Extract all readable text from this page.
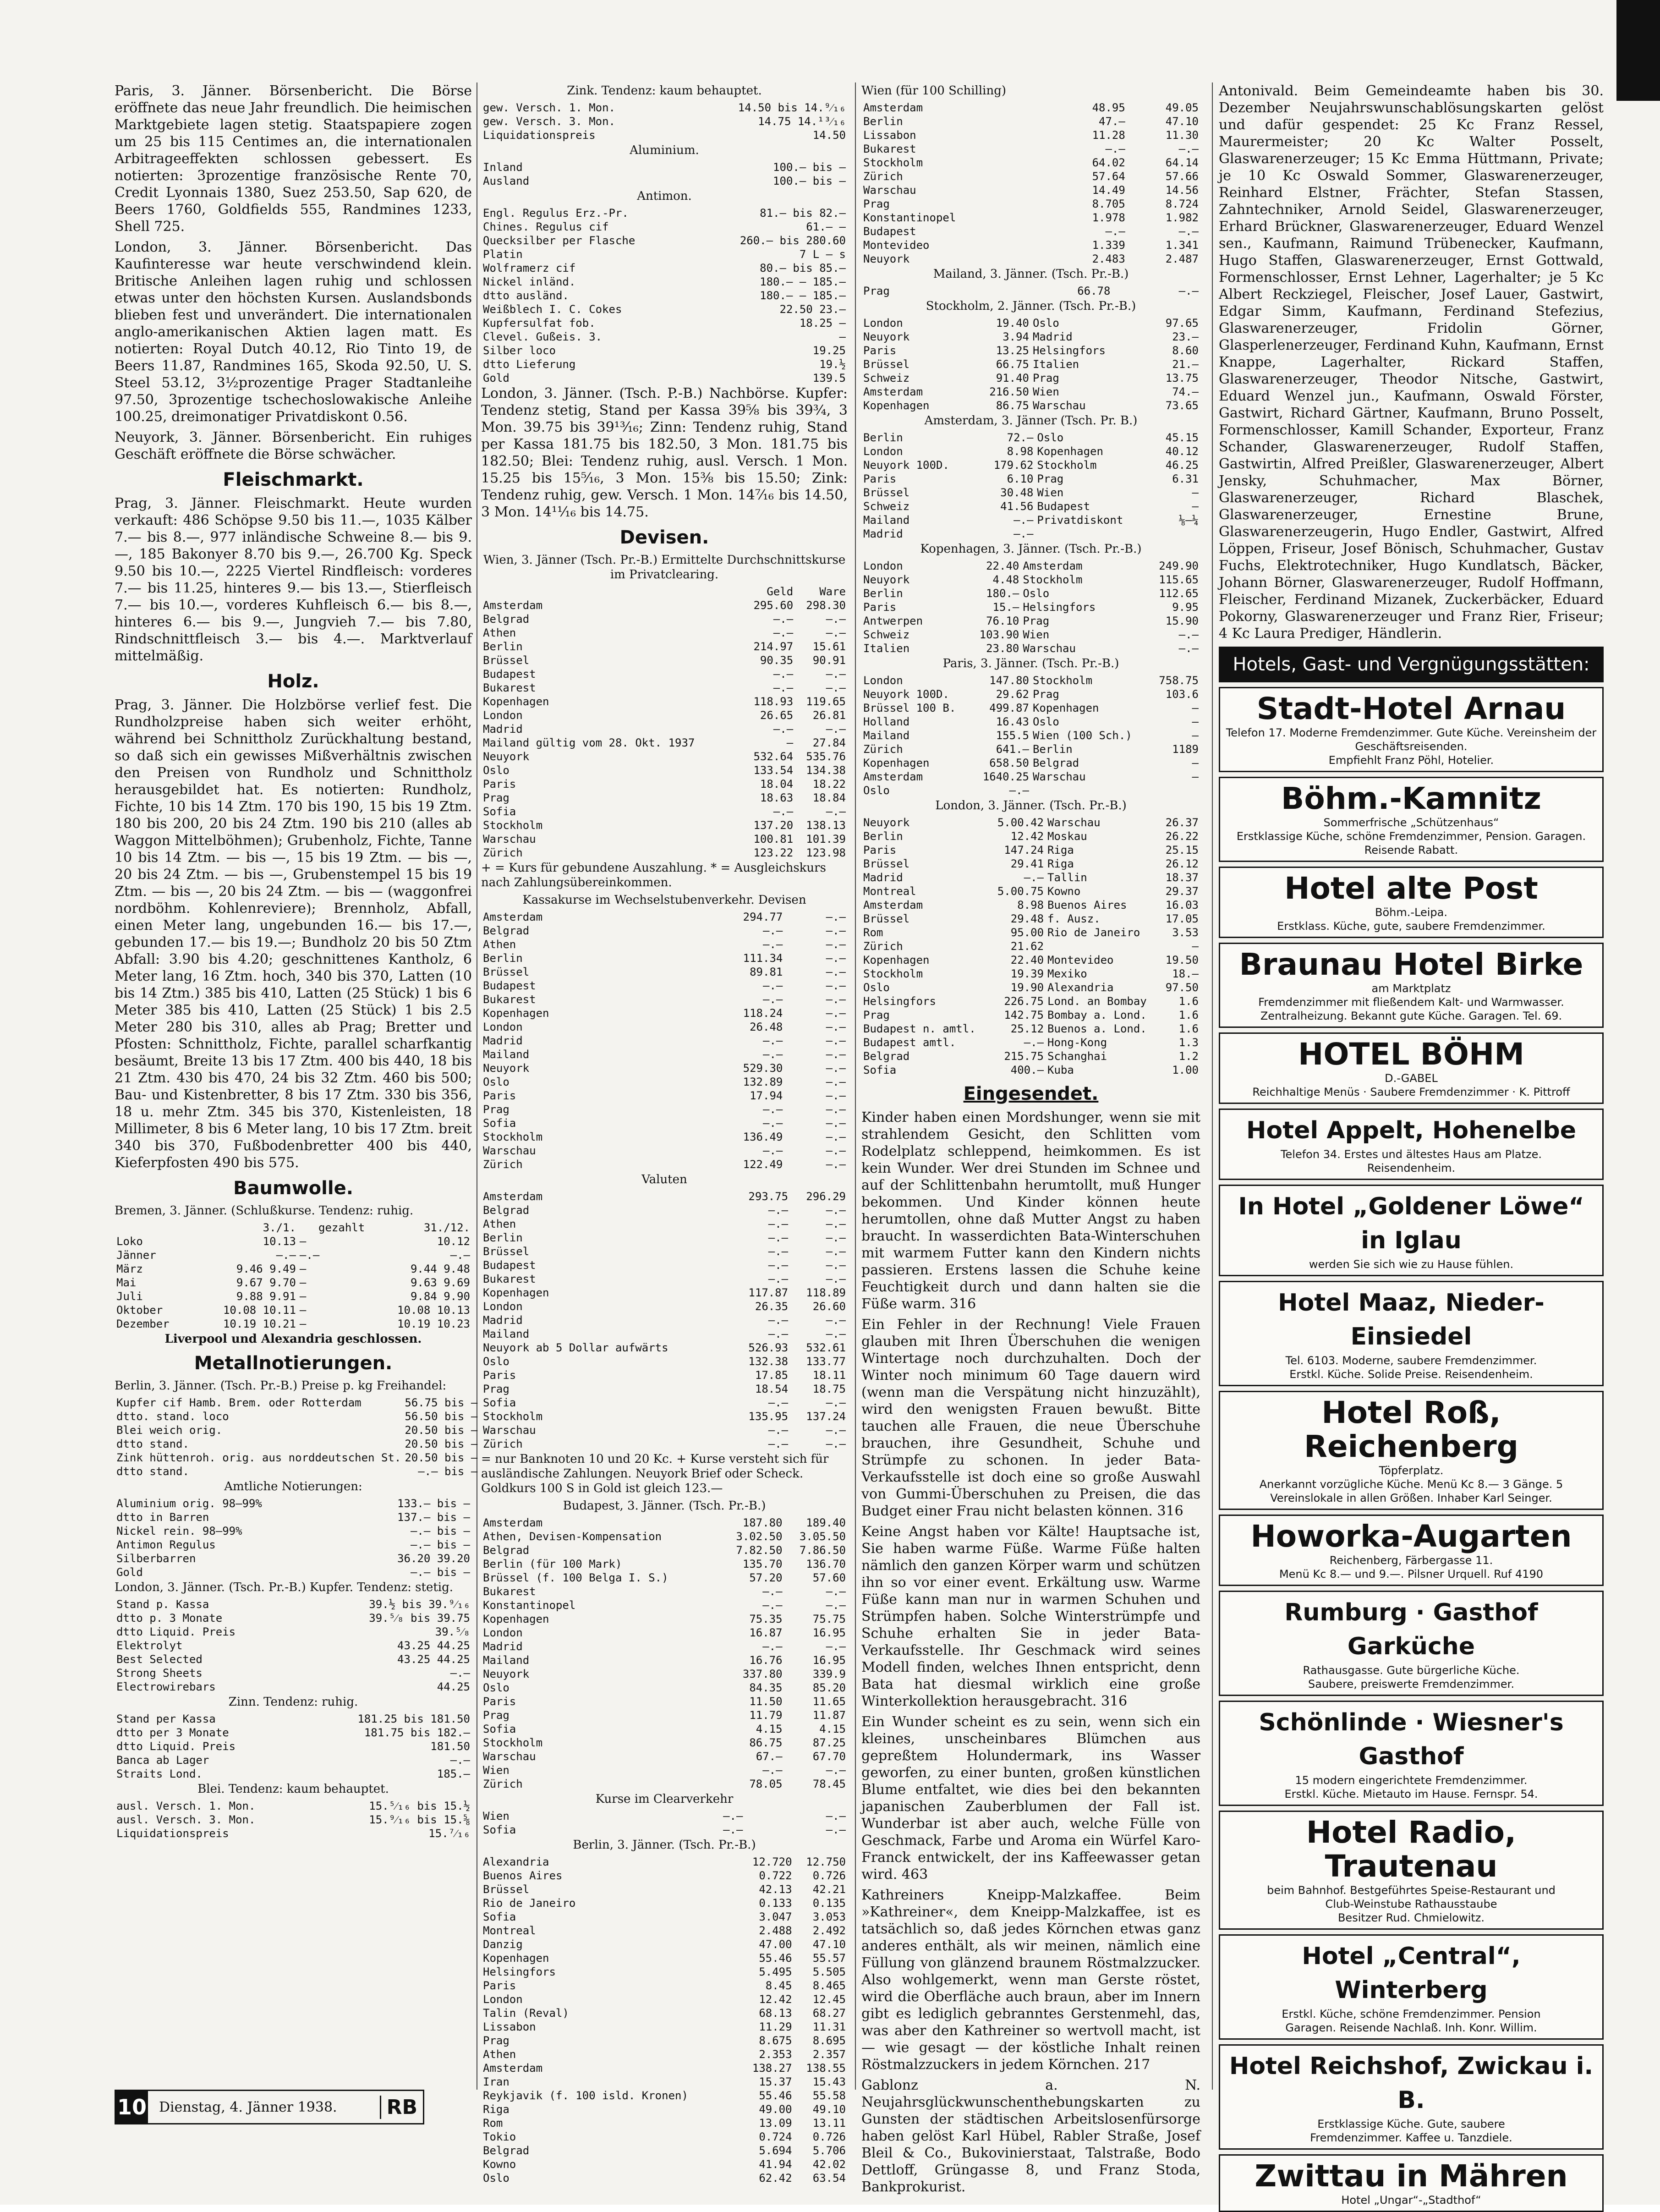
Paris, 3. Jänner. Börsenbericht. Die Börse eröffnete das neue Jahr freundlich. Die heimischen Marktgebiete lagen stetig. Staatspapiere zogen um 25 bis 115 Centimes an, die internationalen Arbitrageeffekten schlossen gebessert. Es notierten: 3prozentige französische Rente 70, Credit Lyonnais 1380, Suez 253.50, Sap 620, de Beers 1760, Goldfields 555, Randmines 1233, Shell 725.

London, 3. Jänner. Börsenbericht. Das Kaufinteresse war heute verschwindend klein. Britische Anleihen lagen ruhig und schlossen etwas unter den höchsten Kursen. Auslandsbonds blieben fest und unverändert. Die internationalen anglo-amerikanischen Aktien lagen matt. Es notierten: Royal Dutch 40.12, Rio Tinto 19, de Beers 11.87, Randmines 165, Skoda 92.50, U. S. Steel 53.12, 3½prozentige Prager Stadtanleihe 97.50, 3prozentige tschechoslowakische Anleihe 100.25, dreimonatiger Privatdiskont 0.56.

Neuyork, 3. Jänner. Börsenbericht. Ein ruhiges Geschäft eröffnete die Börse schwächer.

Fleischmarkt.

Prag, 3. Jänner. Fleischmarkt. Heute wurden verkauft: 486 Schöpse 9.50 bis 11.—, 1035 Kälber 7.— bis 8.—, 977 inländische Schweine 8.— bis 9.—, 185 Bakonyer 8.70 bis 9.—, 26.700 Kg. Speck 9.50 bis 10.—, 2225 Viertel Rindfleisch: vorderes 7.— bis 11.25, hinteres 9.— bis 13.—, Stierfleisch 7.— bis 10.—, vorderes Kuhfleisch 6.— bis 8.—, hinteres 6.— bis 9.—, Jungvieh 7.— bis 7.80, Rindschnittfleisch 3.— bis 4.—. Marktverlauf mittelmäßig.

Holz.

Prag, 3. Jänner. Die Holzbörse verlief fest. Die Rundholzpreise haben sich weiter erhöht, während bei Schnittholz Zurückhaltung bestand, so daß sich ein gewisses Mißverhältnis zwischen den Preisen von Rundholz und Schnittholz herausgebildet hat. Es notierten: Rundholz, Fichte, 10 bis 14 Ztm. 170 bis 190, 15 bis 19 Ztm. 180 bis 200, 20 bis 24 Ztm. 190 bis 210 (alles ab Waggon Mittelböhmen); Grubenholz, Fichte, Tanne 10 bis 14 Ztm. — bis —, 15 bis 19 Ztm. — bis —, 20 bis 24 Ztm. — bis —, Grubenstempel 15 bis 19 Ztm. — bis —, 20 bis 24 Ztm. — bis — (waggonfrei nordböhm. Kohlenreviere); Brennholz, Abfall, einen Meter lang, ungebunden 16.— bis 17.—, gebunden 17.— bis 19.—; Bundholz 20 bis 50 Ztm Abfall: 3.90 bis 4.20; geschnittenes Kantholz, 6 Meter lang, 16 Ztm. hoch, 340 bis 370, Latten (10 bis 14 Ztm.) 385 bis 410, Latten (25 Stück) 1 bis 6 Meter 385 bis 410, Latten (25 Stück) 1 bis 2.5 Meter 280 bis 310, alles ab Prag; Bretter und Pfosten: Schnittholz, Fichte, parallel scharfkantig besäumt, Breite 13 bis 17 Ztm. 400 bis 440, 18 bis 21 Ztm. 430 bis 470, 24 bis 32 Ztm. 460 bis 500; Bau- und Kistenbretter, 8 bis 17 Ztm. 330 bis 356, 18 u. mehr Ztm. 345 bis 370, Kistenleisten, 18 Millimeter, 8 bis 6 Meter lang, 10 bis 17 Ztm. breit 340 bis 370, Fußbodenbretter 400 bis 440, Kieferpfosten 490 bis 575.

Baumwolle.
Bremen, 3. Jänner. (Schlußkurse. Tendenz: ruhig.
	3./1.	gezahlt	31./12.
Loko	10.13	—	10.12
Jänner	—.—	—.—	—.—
März	9.46 9.49	—	9.44 9.48
Mai	9.67 9.70	—	9.63 9.69
Juli	9.88 9.91	—	9.84 9.90
Oktober	10.08 10.11	—	10.08 10.13
Dezember	10.19 10.21	—	10.19 10.23
Liverpool und Alexandria geschlossen.
Metallnotierungen.
Berlin, 3. Jänner. (Tsch. Pr.-B.) Preise p. kg Freihandel:
Kupfer cif Hamb. Brem. oder Rotterdam	56.75 bis —
dtto. stand. loco	56.50 bis —
Blei weich orig.	20.50 bis —
dtto stand.	20.50 bis —
Zink hüttenroh. orig. aus norddeutschen St.	20.50 bis —
dtto stand.	—.— bis —
Amtliche Notierungen:
Aluminium orig. 98—99%	133.— bis —
dtto in Barren	137.— bis —
Nickel rein. 98—99%	—.— bis —
Antimon Regulus	—.— bis —
Silberbarren	36.20 39.20
Gold	—.— bis —
London, 3. Jänner. (Tsch. Pr.-B.) Kupfer. Tendenz: stetig.
Stand p. Kassa	39.½ bis 39.⁹⁄₁₆
dtto p. 3 Monate	39.⁵⁄₈ bis 39.75
dtto Liquid. Preis	39.⁵⁄₈
Elektrolyt	43.25 44.25
Best Selected	43.25 44.25
Strong Sheets	—.—
Electrowirebars	44.25
Zinn. Tendenz: ruhig.
Stand per Kassa	181.25 bis 181.50
dtto per 3 Monate	181.75 bis 182.—
dtto Liquid. Preis	181.50
Banca ab Lager	—.—
Straits Lond.	185.—
Blei. Tendenz: kaum behauptet.
ausl. Versch. 1. Mon.	15.⁵⁄₁₆ bis 15.½
ausl. Versch. 3. Mon.	15.⁹⁄₁₆ bis 15.⅝
Liquidationspreis	15.⁷⁄₁₆
Zink. Tendenz: kaum behauptet.
gew. Versch. 1. Mon.	14.50 bis 14.⁹⁄₁₆
gew. Versch. 3. Mon.	14.75 14.¹³⁄₁₆
Liquidationspreis	14.50
Aluminium.
Inland	100.— bis —
Ausland	100.— bis —
Antimon.
Engl. Regulus Erz.-Pr.	81.— bis 82.—
Chines. Regulus cif	61.— —
Quecksilber per Flasche	260.— bis 280.60
Platin	7 L — s
Wolframerz cif	80.— bis 85.—
Nickel inländ.	180.— — 185.—
dtto ausländ.	180.— — 185.—
Weißblech I. C. Cokes	22.50 23.—
Kupfersulfat fob.	18.25 —
Clevel. Gußeis. 3.	—
Silber loco	19.25
dtto Lieferung	19.½
Gold	139.5

London, 3. Jänner. (Tsch. P.-B.) Nachbörse. Kupfer: Tendenz stetig, Stand per Kassa 39⅝ bis 39¾, 3 Mon. 39.75 bis 39¹³⁄₁₆; Zinn: Tendenz ruhig, Stand per Kassa 181.75 bis 182.50, 3 Mon. 181.75 bis 182.50; Blei: Tendenz ruhig, ausl. Versch. 1 Mon. 15.25 bis 15⁵⁄₁₆, 3 Mon. 15⅜ bis 15.50; Zink: Tendenz ruhig, gew. Versch. 1 Mon. 14⁷⁄₁₆ bis 14.50, 3 Mon. 14¹¹⁄₁₆ bis 14.75.

Devisen.
Wien, 3. Jänner (Tsch. Pr.-B.) Ermittelte Durchschnittskurse im Privatclearing.
	Geld	Ware
Amsterdam	295.60	298.30
Belgrad	—.—	—.—
Athen	—.—	—.—
Berlin	214.97	15.61
Brüssel	90.35	90.91
Budapest	—.—	—.—
Bukarest	—.—	—.—
Kopenhagen	118.93	119.65
London	26.65	26.81
Madrid	—.—	—.—
Mailand gültig vom 28. Okt. 1937	—	27.84
Neuyork	532.64	535.76
Oslo	133.54	134.38
Paris	18.04	18.22
Prag	18.63	18.84
Sofia	—.—	—.—
Stockholm	137.20	138.13
Warschau	100.81	101.39
Zürich	123.22	123.98
+ = Kurs für gebundene Auszahlung. * = Ausgleichskurs nach Zahlungsübereinkommen.
Kassakurse im Wechselstubenverkehr. Devisen
Amsterdam	294.77	—.—
Belgrad	—.—	—.—
Athen	—.—	—.—
Berlin	111.34	—.—
Brüssel	89.81	—.—
Budapest	—.—	—.—
Bukarest	—.—	—.—
Kopenhagen	118.24	—.—
London	26.48	—.—
Madrid	—.—	—.—
Mailand	—.—	—.—
Neuyork	529.30	—.—
Oslo	132.89	—.—
Paris	17.94	—.—
Prag	—.—	—.—
Sofia	—.—	—.—
Stockholm	136.49	—.—
Warschau	—.—	—.—
Zürich	122.49	—.—
Valuten
Amsterdam	293.75	296.29
Belgrad	—.—	—.—
Athen	—.—	—.—
Berlin	—.—	—.—
Brüssel	—.—	—.—
Budapest	—.—	—.—
Bukarest	—.—	—.—
Kopenhagen	117.87	118.89
London	26.35	26.60
Madrid	—.—	—.—
Mailand	—.—	—.—
Neuyork ab 5 Dollar aufwärts	526.93	532.61
Oslo	132.38	133.77
Paris	17.85	18.11
Prag	18.54	18.75
Sofia	—.—	—.—
Stockholm	135.95	137.24
Warschau	—.—	—.—
Zürich	—.—	—.—
= nur Banknoten 10 und 20 Kc. + Kurse versteht sich für ausländische Zahlungen. Neuyork Brief oder Scheck. Goldkurs 100 S in Gold ist gleich 123.—
Budapest, 3. Jänner. (Tsch. Pr.-B.)
Amsterdam	187.80	189.40
Athen, Devisen-Kompensation	3.02.50	3.05.50
Belgrad	7.82.50	7.86.50
Berlin (für 100 Mark)	135.70	136.70
Brüssel (f. 100 Belga I. S.)	57.20	57.60
Bukarest	—.—	—.—
Konstantinopel	—.—	—.—
Kopenhagen	75.35	75.75
London	16.87	16.95
Madrid	—.—	—.—
Mailand	16.76	16.95
Neuyork	337.80	339.9
Oslo	84.35	85.20
Paris	11.50	11.65
Prag	11.79	11.87
Sofia	4.15	4.15
Stockholm	86.75	87.25
Warschau	67.—	67.70
Wien	—.—	—.—
Zürich	78.05	78.45
Kurse im Clearverkehr
Wien	—.—	—.—
Sofia	—.—	—.—
Berlin, 3. Jänner. (Tsch. Pr.-B.)
Alexandria	12.720	12.750
Buenos Aires	0.722	0.726
Brüssel	42.13	42.21
Rio de Janeiro	0.133	0.135
Sofia	3.047	3.053
Montreal	2.488	2.492
Danzig	47.00	47.10
Kopenhagen	55.46	55.57
Helsingfors	5.495	5.505
Paris	8.45	8.465
London	12.42	12.45
Talin (Reval)	68.13	68.27
Lissabon	11.29	11.31
Prag	8.675	8.695
Athen	2.353	2.357
Amsterdam	138.27	138.55
Iran	15.37	15.43
Reykjavik (f. 100 isld. Kronen)	55.46	55.58
Riga	49.00	49.10
Rom	13.09	13.11
Tokio	0.724	0.726
Belgrad	5.694	5.706
Kowno	41.94	42.02
Oslo	62.42	63.54
Wien (für 100 Schilling)
Amsterdam	48.95	49.05
Berlin	47.—	47.10
Lissabon	11.28	11.30
Bukarest	—.—	—.—
Stockholm	64.02	64.14
Zürich	57.64	57.66
Warschau	14.49	14.56
Prag	8.705	8.724
Konstantinopel	1.978	1.982
Budapest	—.—	—.—
Montevideo	1.339	1.341
Neuyork	2.483	2.487
Mailand, 3. Jänner. (Tsch. Pr.-B.)
Prag	66.78	—.—
Stockholm, 2. Jänner. (Tsch. Pr.-B.)
London	19.40	Oslo	97.65
Neuyork	3.94	Madrid	23.—
Paris	13.25	Helsingfors	8.60
Brüssel	66.75	Italien	21.—
Schweiz	91.40	Prag	13.75
Amsterdam	216.50	Wien	74.—
Kopenhagen	86.75	Warschau	73.65
Amsterdam, 3. Jänner (Tsch. Pr. B.)
Berlin	72.—	Oslo	45.15
London	8.98	Kopenhagen	40.12
Neuyork 100D.	179.62	Stockholm	46.25
Paris	6.10	Prag	6.31
Brüssel	30.48	Wien	—
Schweiz	41.56	Budapest	—
Mailand	—.—	Privatdiskont	⅛—¼
Madrid	—.—		
Kopenhagen, 3. Jänner. (Tsch. Pr.-B.)
London	22.40	Amsterdam	249.90
Neuyork	4.48	Stockholm	115.65
Berlin	180.—	Oslo	112.65
Paris	15.—	Helsingfors	9.95
Antwerpen	76.10	Prag	15.90
Schweiz	103.90	Wien	—.—
Italien	23.80	Warschau	—.—
Paris, 3. Jänner. (Tsch. Pr.-B.)
London	147.80	Stockholm	758.75
Neuyork 100D.	29.62	Prag	103.6
Brüssel 100 B.	499.87	Kopenhagen	—
Holland	16.43	Oslo	—
Mailand	155.5	Wien (100 Sch.)	—
Zürich	641.—	Berlin	1189
Kopenhagen	658.50	Belgrad	—
Amsterdam	1640.25	Warschau	—
Oslo	—.—		
London, 3. Jänner. (Tsch. Pr.-B.)
Neuyork	5.00.42	Warschau	26.37
Berlin	12.42	Moskau	26.22
Paris	147.24	Riga	25.15
Brüssel	29.41	Riga	26.12
Madrid	—.—	Tallin	18.37
Montreal	5.00.75	Kowno	29.37
Amsterdam	8.98	Buenos Aires	16.03
Brüssel	29.48	f. Ausz.	17.05
Rom	95.00	Rio de Janeiro	3.53
Zürich	21.62		—
Kopenhagen	22.40	Montevideo	19.50
Stockholm	19.39	Mexiko	18.—
Oslo	19.90	Alexandria	97.50
Helsingfors	226.75	Lond. an Bombay	1.6
Prag	142.75	Bombay a. Lond.	1.6
Budapest n. amtl.	25.12	Buenos a. Lond.	1.6
Budapest amtl.	—.—	Hong-Kong	1.3
Belgrad	215.75	Schanghai	1.2
Sofia	400.—	Kuba	1.00
Eingesendet.

Kinder haben einen Mordshunger, wenn sie mit strahlendem Gesicht, den Schlitten vom Rodelplatz schleppend, heimkommen. Es ist kein Wunder. Wer drei Stunden im Schnee und auf der Schlittenbahn herumtollt, muß Hunger bekommen. Und Kinder können heute herumtollen, ohne daß Mutter Angst zu haben braucht. In wasserdichten Bata-Winterschuhen mit warmem Futter kann den Kindern nichts passieren. Erstens lassen die Schuhe keine Feuchtigkeit durch und dann halten sie die Füße warm. 316

Ein Fehler in der Rechnung! Viele Frauen glauben mit Ihren Überschuhen die wenigen Wintertage noch durchzuhalten. Doch der Winter noch minimum 60 Tage dauern wird (wenn man die Verspätung nicht hinzuzählt), wird den wenigsten Frauen bewußt. Bitte tauchen alle Frauen, die neue Überschuhe brauchen, ihre Gesundheit, Schuhe und Strümpfe zu schonen. In jeder Bata-Verkaufsstelle ist doch eine so große Auswahl von Gummi-Überschuhen zu Preisen, die das Budget einer Frau nicht belasten können. 316

Keine Angst haben vor Kälte! Hauptsache ist, Sie haben warme Füße. Warme Füße halten nämlich den ganzen Körper warm und schützen ihn so vor einer event. Erkältung usw. Warme Füße kann man nur in warmen Schuhen und Strümpfen haben. Solche Winterstrümpfe und Schuhe erhalten Sie in jeder Bata-Verkaufsstelle. Ihr Geschmack wird seines Modell finden, welches Ihnen entspricht, denn Bata hat diesmal wirklich eine große Winterkollektion herausgebracht. 316

Ein Wunder scheint es zu sein, wenn sich ein kleines, unscheinbares Blümchen aus gepreßtem Holundermark, ins Wasser geworfen, zu einer bunten, großen künstlichen Blume entfaltet, wie dies bei den bekannten japanischen Zauberblumen der Fall ist. Wunderbar ist aber auch, welche Fülle von Geschmack, Farbe und Aroma ein Würfel Karo-Franck entwickelt, der ins Kaffeewasser getan wird. 463

Kathreiners Kneipp-Malzkaffee. Beim »Kathreiner«, dem Kneipp-Malzkaffee, ist es tatsächlich so, daß jedes Körnchen etwas ganz anderes enthält, als wir meinen, nämlich eine Füllung von glänzend braunem Röstmalzzucker. Also wohlgemerkt, wenn man Gerste röstet, wird die Oberfläche auch braun, aber im Innern gibt es lediglich gebranntes Gerstenmehl, das, was aber den Kathreiner so wertvoll macht, ist — wie gesagt — der köstliche Inhalt reinen Röstmalzzuckers in jedem Körnchen. 217

Gablonz a. N. Neujahrsglückwunschenthebungskarten zu Gunsten der städtischen Arbeitslosenfürsorge haben gelöst Karl Hübel, Rabler Straße, Josef Bleil & Co., Bukovinierstaat, Talstraße, Bodo Dettloff, Grüngasse 8, und Franz Stoda, Bankprokurist.

Antonivald. Beim Gemeindeamte haben bis 30. Dezember Neujahrswunschablösungskarten gelöst und dafür gespendet: 25 Kc Franz Ressel, Maurermeister; 20 Kc Walter Posselt, Glaswarenerzeuger; 15 Kc Emma Hüttmann, Private; je 10 Kc Oswald Sommer, Glaswarenerzeuger, Reinhard Elstner, Frächter, Stefan Stassen, Zahntechniker, Arnold Seidel, Glaswarenerzeuger, Erhard Brückner, Glaswarenerzeuger, Eduard Wenzel sen., Kaufmann, Raimund Trübenecker, Kaufmann, Hugo Staffen, Glaswarenerzeuger, Ernst Gottwald, Formenschlosser, Ernst Lehner, Lagerhalter; je 5 Kc Albert Reckziegel, Fleischer, Josef Lauer, Gastwirt, Edgar Simm, Kaufmann, Ferdinand Stefezius, Glaswarenerzeuger, Fridolin Görner, Glasperlenerzeuger, Ferdinand Kuhn, Kaufmann, Ernst Knappe, Lagerhalter, Rickard Staffen, Glaswarenerzeuger, Theodor Nitsche, Gastwirt, Eduard Wenzel jun., Kaufmann, Oswald Förster, Gastwirt, Richard Gärtner, Kaufmann, Bruno Posselt, Formenschlosser, Kamill Schander, Exporteur, Franz Schander, Glaswarenerzeuger, Rudolf Staffen, Gastwirtin, Alfred Preißler, Glaswarenerzeuger, Albert Jensky, Schuhmacher, Max Börner, Glaswarenerzeuger, Richard Blaschek, Glaswarenerzeuger, Ernestine Brune, Glaswarenerzeugerin, Hugo Endler, Gastwirt, Alfred Löppen, Friseur, Josef Bönisch, Schuhmacher, Gustav Fuchs, Elektrotechniker, Hugo Kundlatsch, Bäcker, Johann Börner, Glaswarenerzeuger, Rudolf Hoffmann, Fleischer, Ferdinand Mizanek, Zuckerbäcker, Eduard Pokorny, Glaswarenerzeuger und Franz Rier, Friseur; 4 Kc Laura Prediger, Händlerin.

Hotels, Gast- und Vergnügungsstätten:
Stadt-Hotel Arnau
Telefon 17. Moderne Fremdenzimmer. Gute Küche. Vereinsheim der Geschäftsreisenden.
Empfiehlt Franz Pöhl, Hotelier.
Böhm.-Kamnitz
Sommerfrische „Schützenhaus“
Erstklassige Küche, schöne Fremdenzimmer, Pension. Garagen. Reisende Rabatt.
Hotel alte Post
Böhm.-Leipa.
Erstklass. Küche, gute, saubere Fremdenzimmer.
Braunau Hotel Birke
am Marktplatz
Fremdenzimmer mit fließendem Kalt- und Warmwasser. Zentralheizung. Bekannt gute Küche. Garagen. Tel. 69.
HOTEL BÖHM
D.-GABEL
Reichhaltige Menüs · Saubere Fremdenzimmer · K. Pittroff
Hotel Appelt, Hohenelbe
Telefon 34. Erstes und ältestes Haus am Platze.
Reisendenheim.
In Hotel „Goldener Löwe“ in Iglau
werden Sie sich wie zu Hause fühlen.
Hotel Maaz, Nieder-Einsiedel
Tel. 6103. Moderne, saubere Fremdenzimmer.
Erstkl. Küche. Solide Preise. Reisendenheim.
Hotel Roß, Reichenberg
Töpferplatz.
Anerkannt vorzügliche Küche. Menü Kc 8.— 3 Gänge. 5 Vereinslokale in allen Größen. Inhaber Karl Seinger.
Howorka-Augarten
Reichenberg, Färbergasse 11.
Menü Kc 8.— und 9.—. Pilsner Urquell. Ruf 4190
Rumburg · Gasthof Garküche
Rathausgasse. Gute bürgerliche Küche.
Saubere, preiswerte Fremdenzimmer.
Schönlinde · Wiesner's Gasthof
15 modern eingerichtete Fremdenzimmer.
Erstkl. Küche. Mietauto im Hause. Fernspr. 54.
Hotel Radio, Trautenau
beim Bahnhof. Bestgeführtes Speise-Restaurant und
Club-Weinstube Rathausstaube
Besitzer Rud. Chmielowitz.
Hotel „Central“, Winterberg
Erstkl. Küche, schöne Fremdenzimmer. Pension
Garagen. Reisende Nachlaß. Inh. Konr. Willim.
Hotel Reichshof, Zwickau i. B.
Erstklassige Küche. Gute, saubere
Fremdenzimmer. Kaffee u. Tanzdiele.
Zwittau in Mähren
Hotel „Ungar“-„Stadthof“
10 Dienstag, 4. Jänner 1938.	RB
